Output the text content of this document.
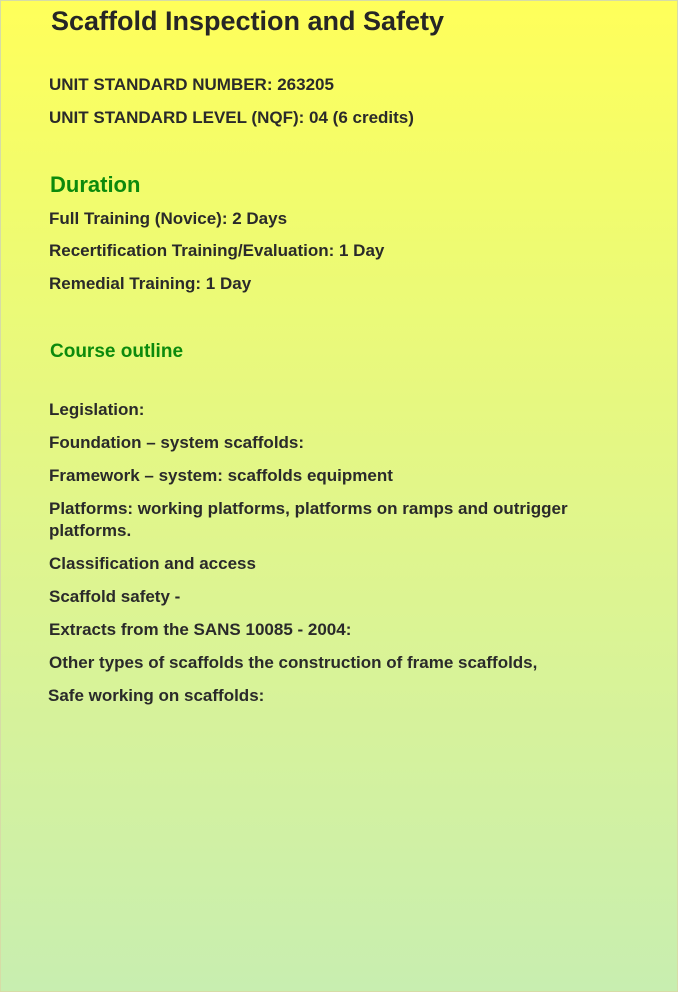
Scaffold Inspection and Safety
UNIT STANDARD NUMBER: 263205
UNIT STANDARD LEVEL (NQF): 04 (6 credits)
Duration
Full Training (Novice): 2 Days
Recertification Training/Evaluation: 1 Day
Remedial Training: 1 Day
Course outline
Legislation:
Foundation – system scaffolds:
Framework – system: scaffolds equipment
Platforms: working platforms, platforms on ramps and outrigger platforms.
Classification and access
Scaffold safety -
Extracts from the SANS 10085 - 2004:
Other types of scaffolds the construction of frame scaffolds,
Safe working on scaffolds:
